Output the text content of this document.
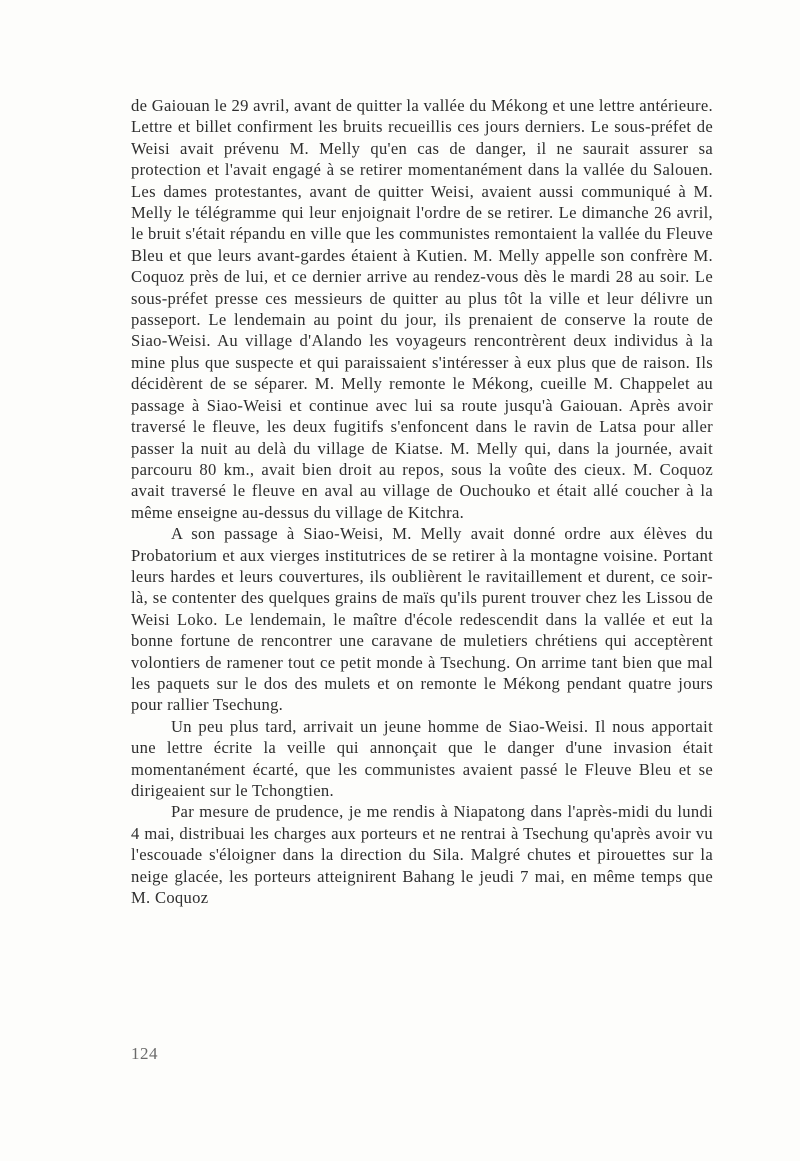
de Gaiouan le 29 avril, avant de quitter la vallée du Mékong et une lettre antérieure. Lettre et billet confirment les bruits recueillis ces jours derniers. Le sous-préfet de Weisi avait prévenu M. Melly qu'en cas de danger, il ne saurait assurer sa protection et l'avait engagé à se retirer momentanément dans la vallée du Salouen. Les dames protestantes, avant de quitter Weisi, avaient aussi communiqué à M. Melly le télégramme qui leur enjoignait l'ordre de se retirer. Le dimanche 26 avril, le bruit s'était répandu en ville que les communistes remontaient la vallée du Fleuve Bleu et que leurs avant-gardes étaient à Kutien. M. Melly appelle son confrère M. Coquoz près de lui, et ce dernier arrive au rendez-vous dès le mardi 28 au soir. Le sous-préfet presse ces messieurs de quitter au plus tôt la ville et leur délivre un passeport. Le lendemain au point du jour, ils prenaient de conserve la route de Siao-Weisi. Au village d'Alando les voyageurs rencontrèrent deux individus à la mine plus que suspecte et qui paraissaient s'intéresser à eux plus que de raison. Ils décidèrent de se séparer. M. Melly remonte le Mékong, cueille M. Chappelet au passage à Siao-Weisi et continue avec lui sa route jusqu'à Gaiouan. Après avoir traversé le fleuve, les deux fugitifs s'enfoncent dans le ravin de Latsa pour aller passer la nuit au delà du village de Kiatse. M. Melly qui, dans la journée, avait parcouru 80 km., avait bien droit au repos, sous la voûte des cieux. M. Coquoz avait traversé le fleuve en aval au village de Ouchouko et était allé coucher à la même enseigne au-dessus du village de Kitchra.

A son passage à Siao-Weisi, M. Melly avait donné ordre aux élèves du Probatorium et aux vierges institutrices de se retirer à la montagne voisine. Portant leurs hardes et leurs couvertures, ils oublièrent le ravitaillement et durent, ce soir-là, se contenter des quelques grains de maïs qu'ils purent trouver chez les Lissou de Weisi Loko. Le lendemain, le maître d'école redescendit dans la vallée et eut la bonne fortune de rencontrer une caravane de muletiers chrétiens qui acceptèrent volontiers de ramener tout ce petit monde à Tsechung. On arrime tant bien que mal les paquets sur le dos des mulets et on remonte le Mékong pendant quatre jours pour rallier Tsechung.

Un peu plus tard, arrivait un jeune homme de Siao-Weisi. Il nous apportait une lettre écrite la veille qui annonçait que le danger d'une invasion était momentanément écarté, que les communistes avaient passé le Fleuve Bleu et se dirigeaient sur le Tchongtien.

Par mesure de prudence, je me rendis à Niapatong dans l'après-midi du lundi 4 mai, distribuai les charges aux porteurs et ne rentrai à Tsechung qu'après avoir vu l'escouade s'éloigner dans la direction du Sila. Malgré chutes et pirouettes sur la neige glacée, les porteurs atteignirent Bahang le jeudi 7 mai, en même temps que M. Coquoz

124
